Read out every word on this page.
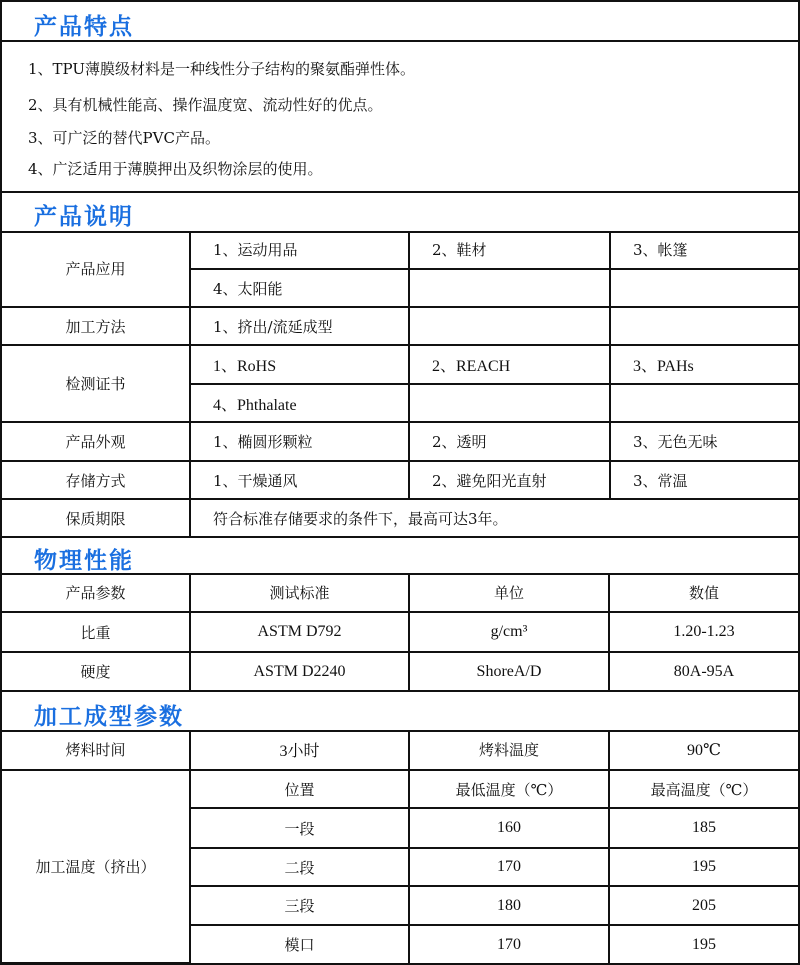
产品特点
1、TPU薄膜级材料是一种线性分子结构的聚氨酯弹性体。
2、具有机械性能高、操作温度宽、流动性好的优点。
3、可广泛的替代PVC产品。
4、广泛适用于薄膜押出及织物涂层的使用。
产品说明
产品应用	1、运动用品	2、鞋材	3、帐篷
	4、太阳能		
加工方法	1、挤出/流延成型		
检测证书	1、RoHS	2、REACH	3、PAHs
	4、Phthalate		
产品外观	1、椭圆形颗粒	2、透明	3、无色无味
存储方式	1、干燥通风	2、避免阳光直射	3、常温
保质期限	符合标准存储要求的条件下，最高可达3年。		
物理性能
产品参数	测试标准	单位	数值
比重	ASTM D792	g/cm³	1.20-1.23
硬度	ASTM D2240	ShoreA/D	80A-95A
加工成型参数
烤料时间	3小时	烤料温度	90℃
加工温度（挤出）	位置	最低温度（℃）	最高温度（℃）
	一段	160	185
	二段	170	195
	三段	180	205
	模口	170	195
